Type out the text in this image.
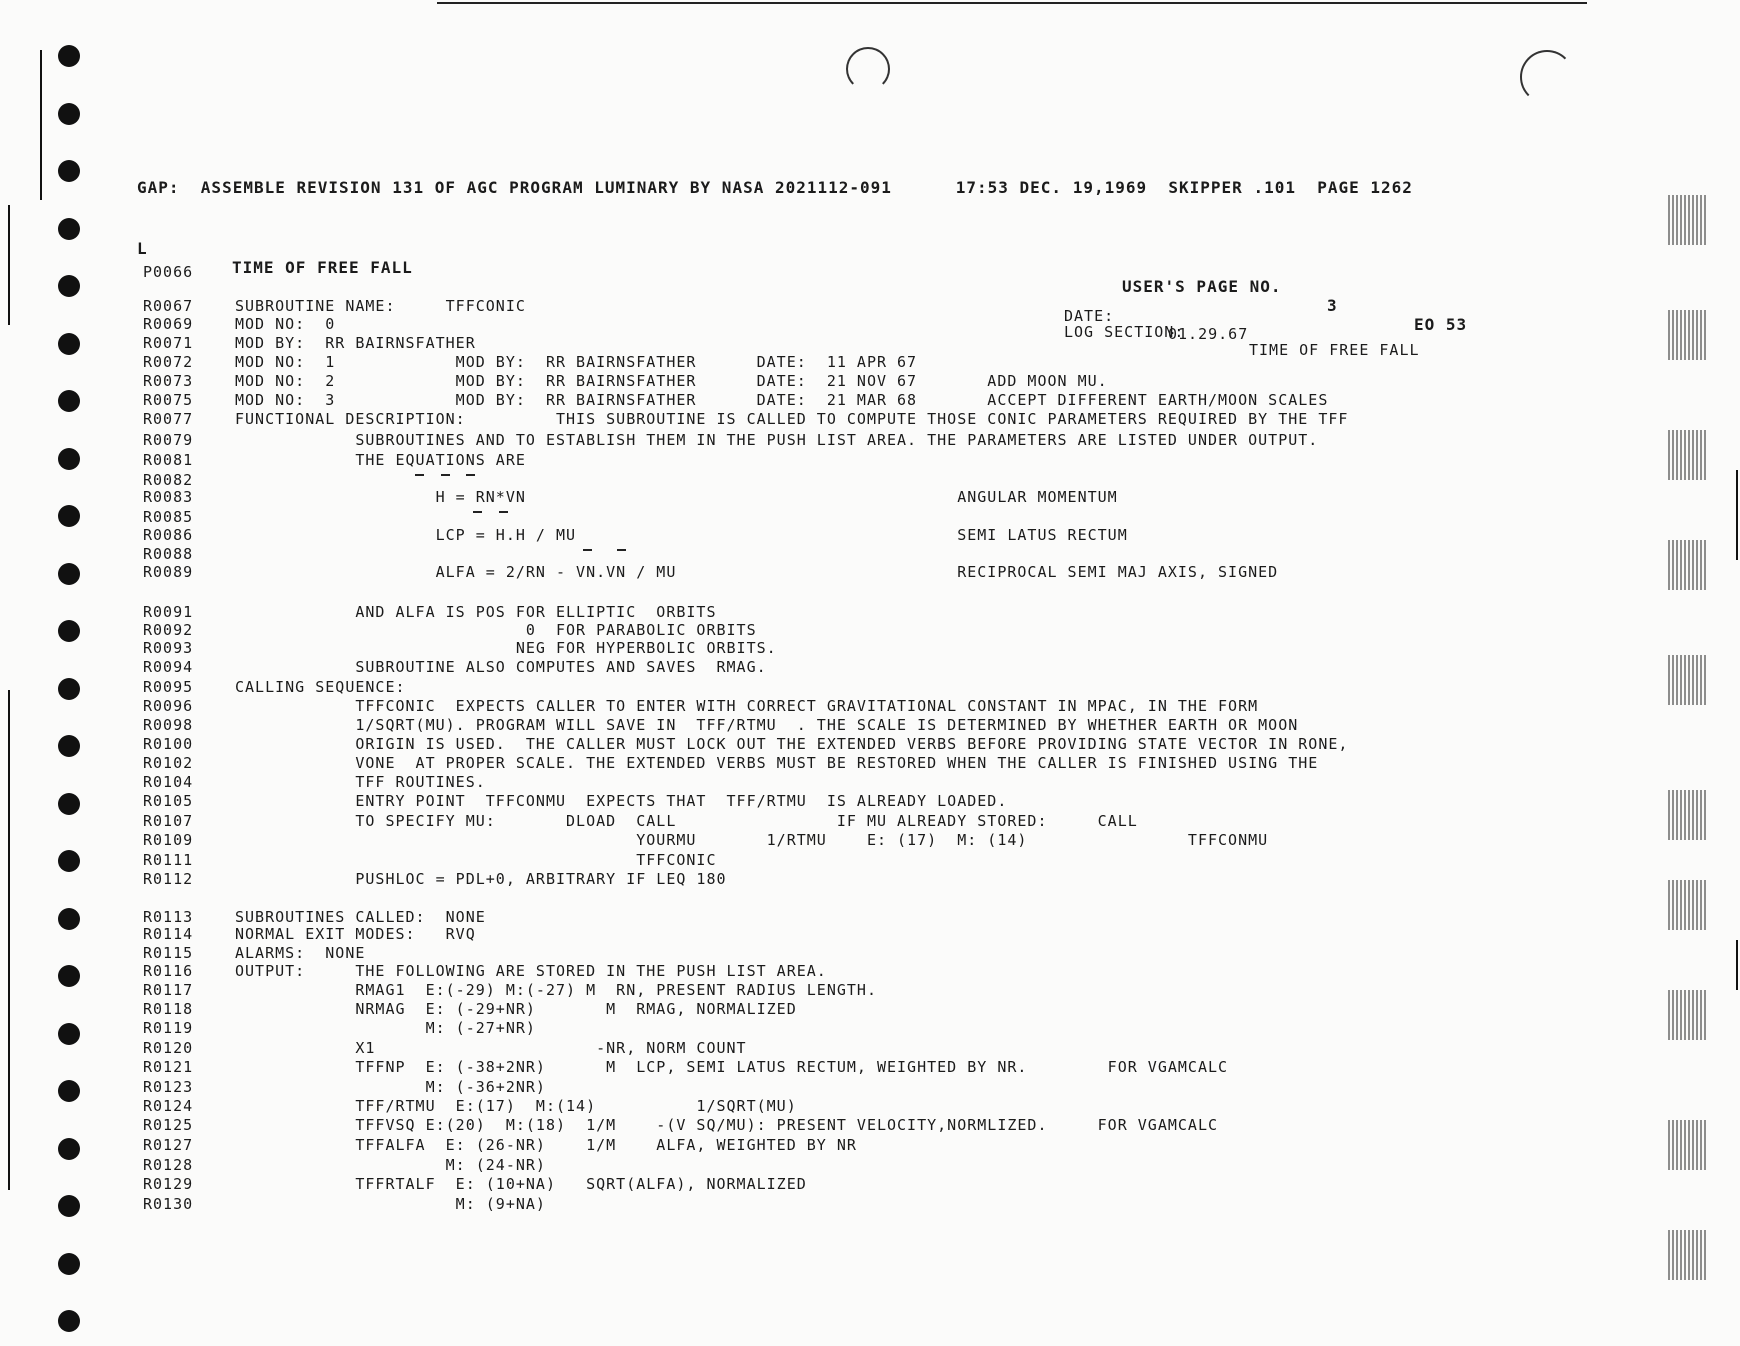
GAP:  ASSEMBLE REVISION 131 OF AGC PROGRAM LUMINARY BY NASA 2021112-091      17:53 DEC. 19,1969  SKIPPER .101  PAGE 1262

L

TIME OF FREE FALL

USER'S PAGE NO.

3

EO 53

P0066
R0067	SUBROUTINE NAME:     TFFCONIC
R0069	MOD NO:  0
R0071	MOD BY:  RR BAIRNSFATHER
R0072	MOD NO:  1            MOD BY:  RR BAIRNSFATHER      DATE:  11 APR 67
R0073	MOD NO:  2            MOD BY:  RR BAIRNSFATHER      DATE:  21 NOV 67       ADD MOON MU.
R0075	MOD NO:  3            MOD BY:  RR BAIRNSFATHER      DATE:  21 MAR 68       ACCEPT DIFFERENT EARTH/MOON SCALES
R0077	FUNCTIONAL DESCRIPTION:         THIS SUBROUTINE IS CALLED TO COMPUTE THOSE CONIC PARAMETERS REQUIRED BY THE TFF
R0079	SUBROUTINES AND TO ESTABLISH THEM IN THE PUSH LIST AREA. THE PARAMETERS ARE LISTED UNDER OUTPUT.
R0081	THE EQUATIONS ARE
R0082
R0083	H = RN*VN                                           ANGULAR MOMENTUM
R0085
R0086	LCP = H.H / MU                                      SEMI LATUS RECTUM
R0088
R0089	ALFA = 2/RN - VN.VN / MU                            RECIPROCAL SEMI MAJ AXIS, SIGNED
R0091	AND ALFA IS POS FOR ELLIPTIC  ORBITS
R0092	0  FOR PARABOLIC ORBITS
R0093	NEG FOR HYPERBOLIC ORBITS.
R0094	SUBROUTINE ALSO COMPUTES AND SAVES  RMAG.
R0095	CALLING SEQUENCE:
R0096	TFFCONIC  EXPECTS CALLER TO ENTER WITH CORRECT GRAVITATIONAL CONSTANT IN MPAC, IN THE FORM
R0098	1/SQRT(MU). PROGRAM WILL SAVE IN  TFF/RTMU  . THE SCALE IS DETERMINED BY WHETHER EARTH OR MOON
R0100	ORIGIN IS USED.  THE CALLER MUST LOCK OUT THE EXTENDED VERBS BEFORE PROVIDING STATE VECTOR IN RONE,
R0102	VONE  AT PROPER SCALE. THE EXTENDED VERBS MUST BE RESTORED WHEN THE CALLER IS FINISHED USING THE
R0104	TFF ROUTINES.
R0105	ENTRY POINT  TFFCONMU  EXPECTS THAT  TFF/RTMU  IS ALREADY LOADED.
R0107	TO SPECIFY MU:       DLOAD  CALL                IF MU ALREADY STORED:     CALL
R0109	YOURMU       1/RTMU    E: (17)  M: (14)                TFFCONMU
R0111	TFFCONIC
R0112	PUSHLOC = PDL+0, ARBITRARY IF LEQ 180
R0113	SUBROUTINES CALLED:  NONE
R0114	NORMAL EXIT MODES:   RVQ
R0115	ALARMS:  NONE
R0116	OUTPUT:     THE FOLLOWING ARE STORED IN THE PUSH LIST AREA.
R0117	RMAG1  E:(-29) M:(-27) M  RN, PRESENT RADIUS LENGTH.
R0118	NRMAG  E: (-29+NR)       M  RMAG, NORMALIZED
R0119	M: (-27+NR)
R0120	X1                      -NR, NORM COUNT
R0121	TFFNP  E: (-38+2NR)      M  LCP, SEMI LATUS RECTUM, WEIGHTED BY NR.        FOR VGAMCALC
R0123	M: (-36+2NR)
R0124	TFF/RTMU  E:(17)  M:(14)          1/SQRT(MU)
R0125	TFFVSQ E:(20)  M:(18)  1/M    -(V SQ/MU): PRESENT VELOCITY,NORMLIZED.     FOR VGAMCALC
R0127	TFFALFA  E: (26-NR)    1/M    ALFA, WEIGHTED BY NR
R0128	M: (24-NR)
R0129	TFFRTALF  E: (10+NA)   SQRT(ALFA), NORMALIZED
R0130	M: (9+NA)

DATE:

01.29.67

LOG SECTION:

TIME OF FREE FALL
